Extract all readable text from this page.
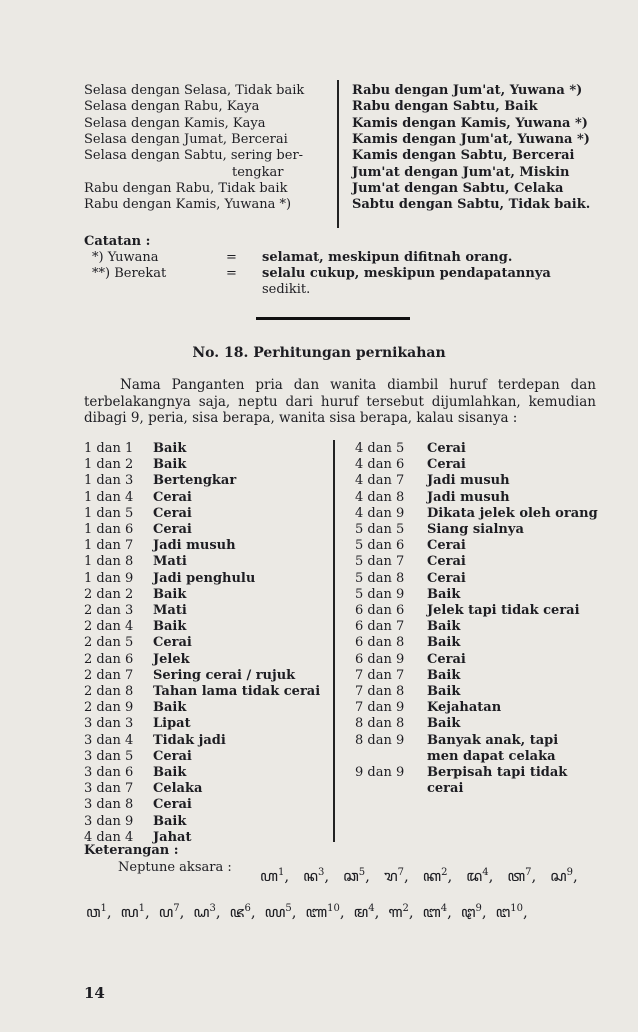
Selasa dengan Selasa, Tidak baik
Selasa dengan Rabu, Kaya
Selasa dengan Kamis, Kaya
Selasa dengan Jumat, Bercerai
Selasa dengan Sabtu, sering ber-
tengkar
Rabu dengan Rabu, Tidak baik
Rabu dengan Kamis, Yuwana *)
Rabu dengan Jum'at, Yuwana *)
Rabu dengan Sabtu, Baik
Kamis dengan Kamis, Yuwana *)
Kamis dengan Jum'at, Yuwana *)
Kamis dengan Sabtu, Bercerai
Jum'at dengan Jum'at, Miskin
Jum'at dengan Sabtu, Celaka
Sabtu dengan Sabtu, Tidak baik.
Catatan :
*) Yuwana	= selamat, meskipun difitnah orang.
**) Berekat	= selalu cukup, meskipun pendapatannya
sedikit.
No. 18. Perhitungan pernikahan
Nama Panganten pria dan wanita diambil huruf terdepan dan terbelakangnya saja, neptu dari huruf tersebut dijumlahkan, kemudian dibagi 9, peria, sisa berapa, wanita sisa berapa, kalau sisanya :
1 dan 1 Baik
1 dan 2 Baik
1 dan 3 Bertengkar
1 dan 4 Cerai
1 dan 5 Cerai
1 dan 6 Cerai
1 dan 7 Jadi musuh
1 dan 8 Mati
1 dan 9 Jadi penghulu
2 dan 2 Baik
2 dan 3 Mati
2 dan 4 Baik
2 dan 5 Cerai
2 dan 6 Jelek
2 dan 7 Sering cerai / rujuk
2 dan 8 Tahan lama tidak cerai
2 dan 9 Baik
3 dan 3 Lipat
3 dan 4 Tidak jadi
3 dan 5 Cerai
3 dan 6 Baik
3 dan 7 Celaka
3 dan 8 Cerai
3 dan 9 Baik
4 dan 4 Jahat
4 dan 5 Cerai
4 dan 6 Cerai
4 dan 7 Jadi musuh
4 dan 8 Jadi musuh
4 dan 9 Dikata jelek oleh orang
5 dan 5 Siang sialnya
5 dan 6 Cerai
5 dan 7 Cerai
5 dan 8 Cerai
5 dan 9 Baik
6 dan 6 Jelek tapi tidak cerai
6 dan 7 Baik
6 dan 8 Baik
6 dan 9 Cerai
7 dan 7 Baik
7 dan 8 Baik
7 dan 9 Kejahatan
8 dan 8 Baik
8 dan 9 Banyak anak, tapi
men dapat celaka
9 dan 9 Berpisah tapi tidak
cerai
Keterangan :
Neptune aksara : ꦲ$^1$, ꦤ$^3$, ꦕ$^5$, ꦫ$^7$, ꦏ$^2$, ꦢ$^4$, ꦠ$^7$, ꦱ$^9$,
ꦮ$^1$, ꦭ$^1$, ꦥ$^7$, ꦝ$^3$, ꦗ$^6$, ꦪ$^5$, ꦚ$^{10}$, ꦩ$^4$, ꦒ$^2$, ꦧ$^4$, ꦛ$^9$, ꦔ$^{10}$,
14
